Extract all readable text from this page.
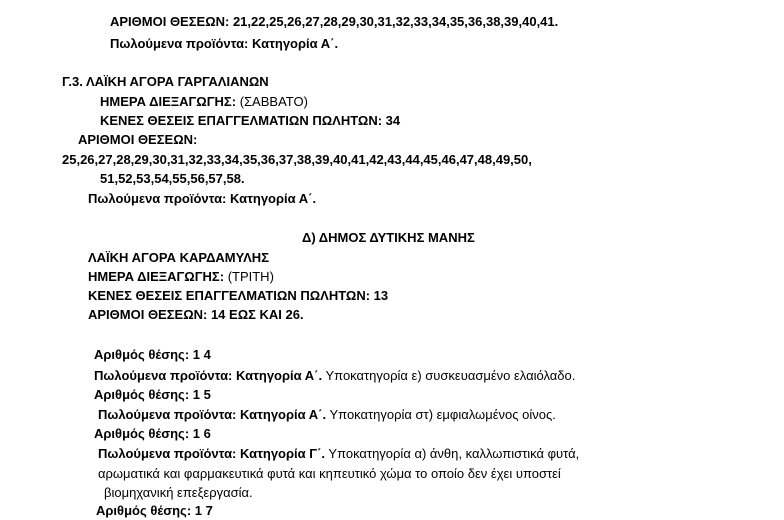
ΑΡΙΘΜΟΙ ΘΕΣΕΩΝ: 21,22,25,26,27,28,29,30,31,32,33,34,35,36,38,39,40,41.
Πωλούμενα προϊόντα: Κατηγορία Α΄.
Γ.3. ΛΑΪΚΗ ΑΓΟΡΑ ΓΑΡΓΑΛΙΑΝΩΝ
ΗΜΕΡΑ ΔΙΕΞΑΓΩΓΗΣ: (ΣΑΒΒΑΤΟ)
ΚΕΝΕΣ ΘΕΣΕΙΣ ΕΠΑΓΓΕΛΜΑΤΙΩΝ ΠΩΛΗΤΩΝ: 34
ΑΡΙΘΜΟΙ ΘΕΣΕΩΝ:
25,26,27,28,29,30,31,32,33,34,35,36,37,38,39,40,41,42,43,44,45,46,47,48,49,50,
51,52,53,54,55,56,57,58.
Πωλούμενα προϊόντα: Κατηγορία Α΄.
Δ) ΔΗΜΟΣ ΔΥΤΙΚΗΣ ΜΑΝΗΣ
ΛΑΪΚΗ ΑΓΟΡΑ ΚΑΡΔΑΜΥΛΗΣ
ΗΜΕΡΑ ΔΙΕΞΑΓΩΓΗΣ: (ΤΡΙΤΗ)
ΚΕΝΕΣ ΘΕΣΕΙΣ ΕΠΑΓΓΕΛΜΑΤΙΩΝ ΠΩΛΗΤΩΝ: 13
ΑΡΙΘΜΟΙ ΘΕΣΕΩΝ: 14 ΕΩΣ ΚΑΙ 26.
Αριθμός θέσης: 1 4
Πωλούμενα προϊόντα: Κατηγορία Α΄. Υποκατηγορία ε) συσκευασμένο ελαιόλαδο.
Αριθμός θέσης: 1 5
Πωλούμενα προϊόντα: Κατηγορία Α΄. Υποκατηγορία στ) εμφιαλωμένος οίνος.
Αριθμός θέσης: 1 6
Πωλούμενα προϊόντα: Κατηγορία Γ΄. Υποκατηγορία α) άνθη, καλλωπιστικά φυτά,
αρωματικά και φαρμακευτικά φυτά και κηπευτικό χώμα το οποίο δεν έχει υποστεί
βιομηχανική επεξεργασία.
Αριθμός θέσης: 1 7
